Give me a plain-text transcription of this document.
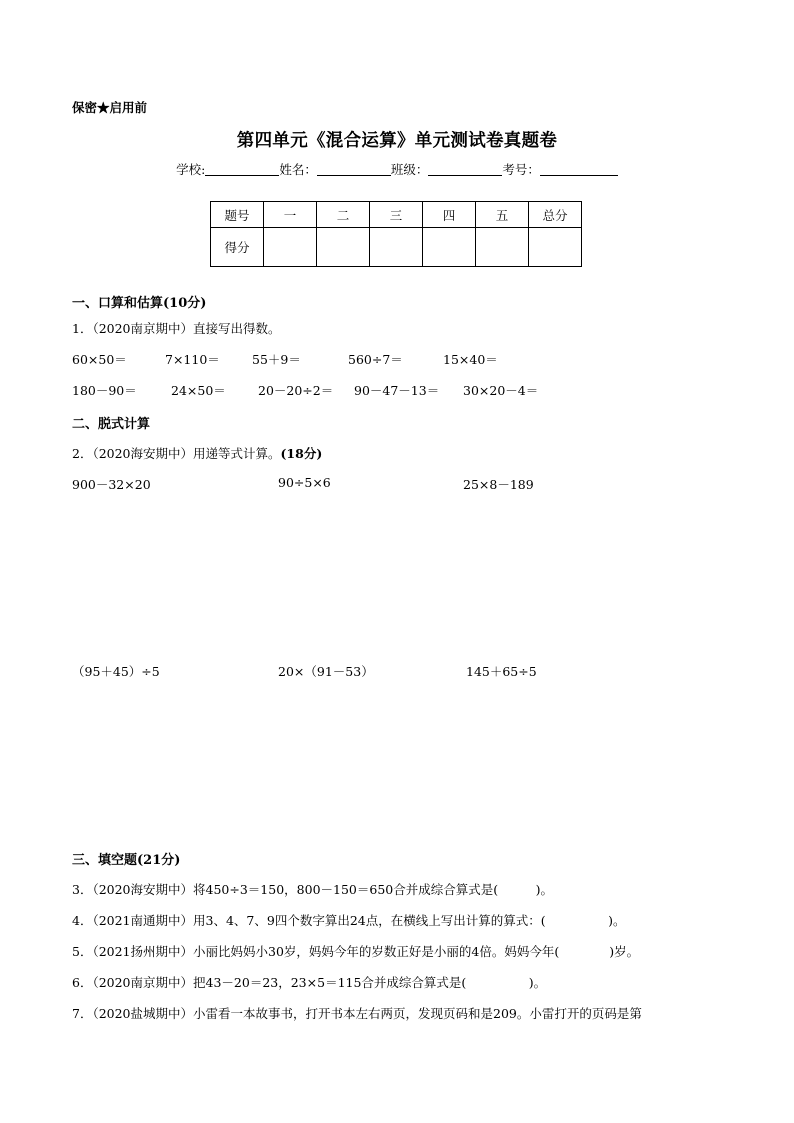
保密★启用前
第四单元《混合运算》单元测试卷真题卷
学校:	姓名：	班级：	考号：
题号	一	二	三	四	五	总分
得分						
一、口算和估算(10分)
1．（2020南京期中）直接写出得数。
60×50＝	7×110＝	55＋9＝	560÷7＝	15×40＝
180－90＝	24×50＝	20－20÷2＝ 90－47－13＝ 30×20－4＝
二、脱式计算
2．（2020海安期中）用递等式计算。(18分)
900－32×20	90÷5×6	25×8－189
（95＋45）÷5	20×（91－53）	145＋65÷5
三、填空题(21分)
3．（2020海安期中）将450÷3＝150，800－150＝650合并成综合算式是(　　　)。
4．（2021南通期中）用3、4、7、9四个数字算出24点，在横线上写出计算的算式：(　　　　　)。
5．（2021扬州期中）小丽比妈妈小30岁，妈妈今年的岁数正好是小丽的4倍。妈妈今年(　　　　)岁。
6．（2020南京期中）把43－20＝23，23×5＝115合并成综合算式是(　　　　　)。
7．（2020盐城期中）小雷看一本故事书，打开书本左右两页，发现页码和是209。小雷打开的页码是第
